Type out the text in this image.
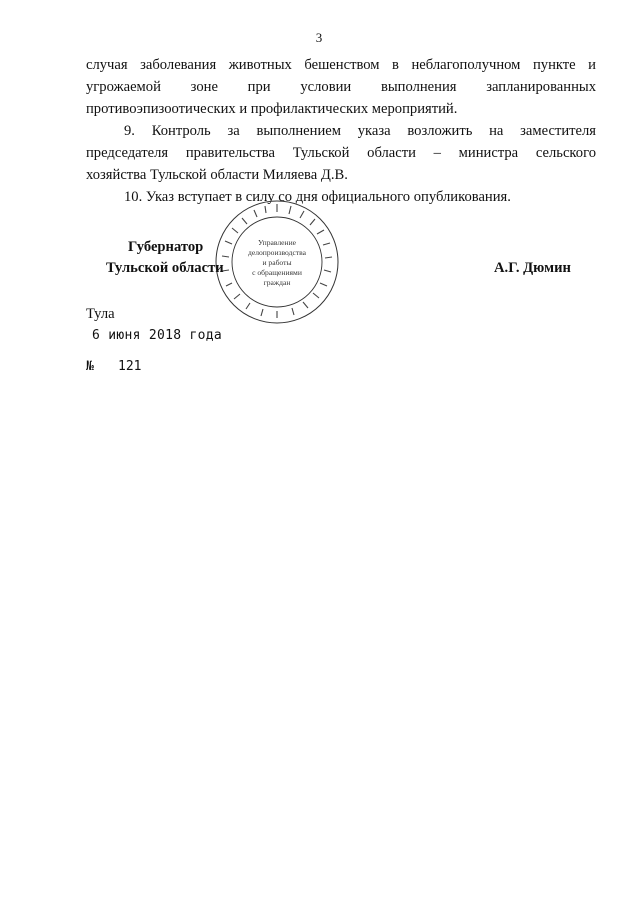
3

случая заболевания животных бешенством в неблагополучном пункте и
угрожаемой зоне при условии выполнения запланированных
противоэпизоотических и профилактических мероприятий.

9. Контроль за выполнением указа возложить на заместителя
председателя правительства Тульской области – министра сельского
хозяйства Тульской области Миляева Д.В.

10. Указ вступает в силу со дня официального опубликования.

Управление
делопроизводства
и работы
с обращениями
граждан
Губернатор
Тульской области	А.Г. Дюмин
Тула
6 июня 2018 года
№ 121
